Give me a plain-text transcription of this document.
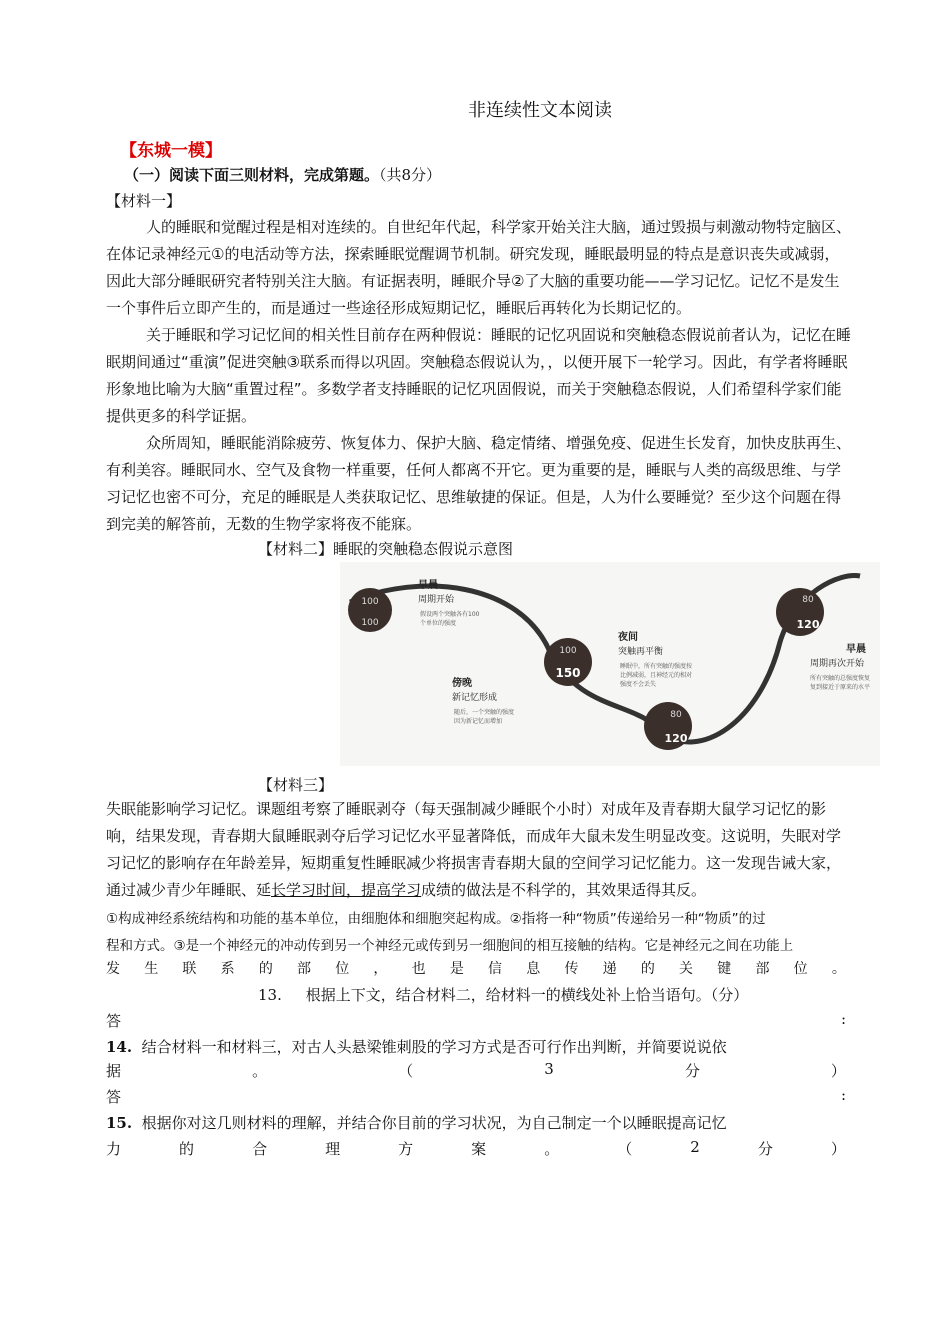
非连续性文本阅读
【东城一模】
（一）阅读下面三则材料，完成第题。（共8分）
【材料一】
人的睡眠和觉醒过程是相对连续的。自世纪年代起，科学家开始关注大脑，通过毁损与刺激动物特定脑区、在体记录神经元①的电活动等方法，探索睡眠觉醒调节机制。研究发现，睡眠最明显的特点是意识丧失或减弱，因此大部分睡眠研究者特别关注大脑。有证据表明，睡眠介导②了大脑的重要功能——学习记忆。记忆不是发生一个事件后立即产生的，而是通过一些途径形成短期记忆，睡眠后再转化为长期记忆的。
关于睡眠和学习记忆间的相关性目前存在两种假说：睡眠的记忆巩固说和突触稳态假说前者认为，记忆在睡眠期间通过“重演”促进突触③联系而得以巩固。突触稳态假说认为，，以便开展下一轮学习。因此，有学者将睡眠形象地比喻为大脑“重置过程”。多数学者支持睡眠的记忆巩固假说，而关于突触稳态假说，人们希望科学家们能提供更多的科学证据。
众所周知，睡眠能消除疲劳、恢复体力、保护大脑、稳定情绪、增强免疫、促进生长发育，加快皮肤再生、有利美容。睡眠同水、空气及食物一样重要，任何人都离不开它。更为重要的是，睡眠与人类的高级思维、与学习记忆也密不可分，充足的睡眠是人类获取记忆、思维敏捷的保证。但是，人为什么要睡觉？至少这个问题在得到完美的解答前，无数的生物学家将夜不能寐。
【材料二】睡眠的突触稳态假说示意图
100
100
100
150
80
120
80
120
早晨
周期开始
假设两个突触各有100
个单位的强度
傍晚
新记忆形成
随后，一个突触的强度
因为新记忆而增加
夜间
突触再平衡
睡眠中，所有突触的强度按
比例减弱，且神经元的相对
强度不会丢失
早晨
周期再次开始
所有突触的总强度恢复
复到接近于原来的水平
【材料三】
失眠能影响学习记忆。课题组考察了睡眠剥夺（每天强制减少睡眠个小时）对成年及青春期大鼠学习记忆的影响，结果发现，青春期大鼠睡眠剥夺后学习记忆水平显著降低，而成年大鼠未发生明显改变。这说明，失眠对学习记忆的影响存在年龄差异，短期重复性睡眠减少将损害青春期大鼠的空间学习记忆能力。这一发现告诫大家，通过减少青少年睡眠、延长学习时间，提高学习成绩的做法是不科学的，其效果适得其反。
①构成神经系统结构和功能的基本单位，由细胞体和细胞突起构成。②指将一种“物质”传递给另一种“物质”的过
程和方式。③是一个神经元的冲动传到另一个神经元或传到另一细胞间的相互接触的结构。它是神经元之间在功能上
发 生 联 系 的 部 位 ， 也 是 信 息 传 递 的 关 键 部 位 。
13. 根据上下文，结合材料二，给材料一的横线处补上恰当语句。（分）
答	:
14. 结合材料一和材料三，对古人头悬梁锥刺股的学习方式是否可行作出判断，并简要说说依
据	。	（	3	分	）
答	:
15. 根据你对这几则材料的理解，并结合你目前的学习状况，为自己制定一个以睡眠提高记忆
力	的	合	理	方	案	。	（	2	分	）
